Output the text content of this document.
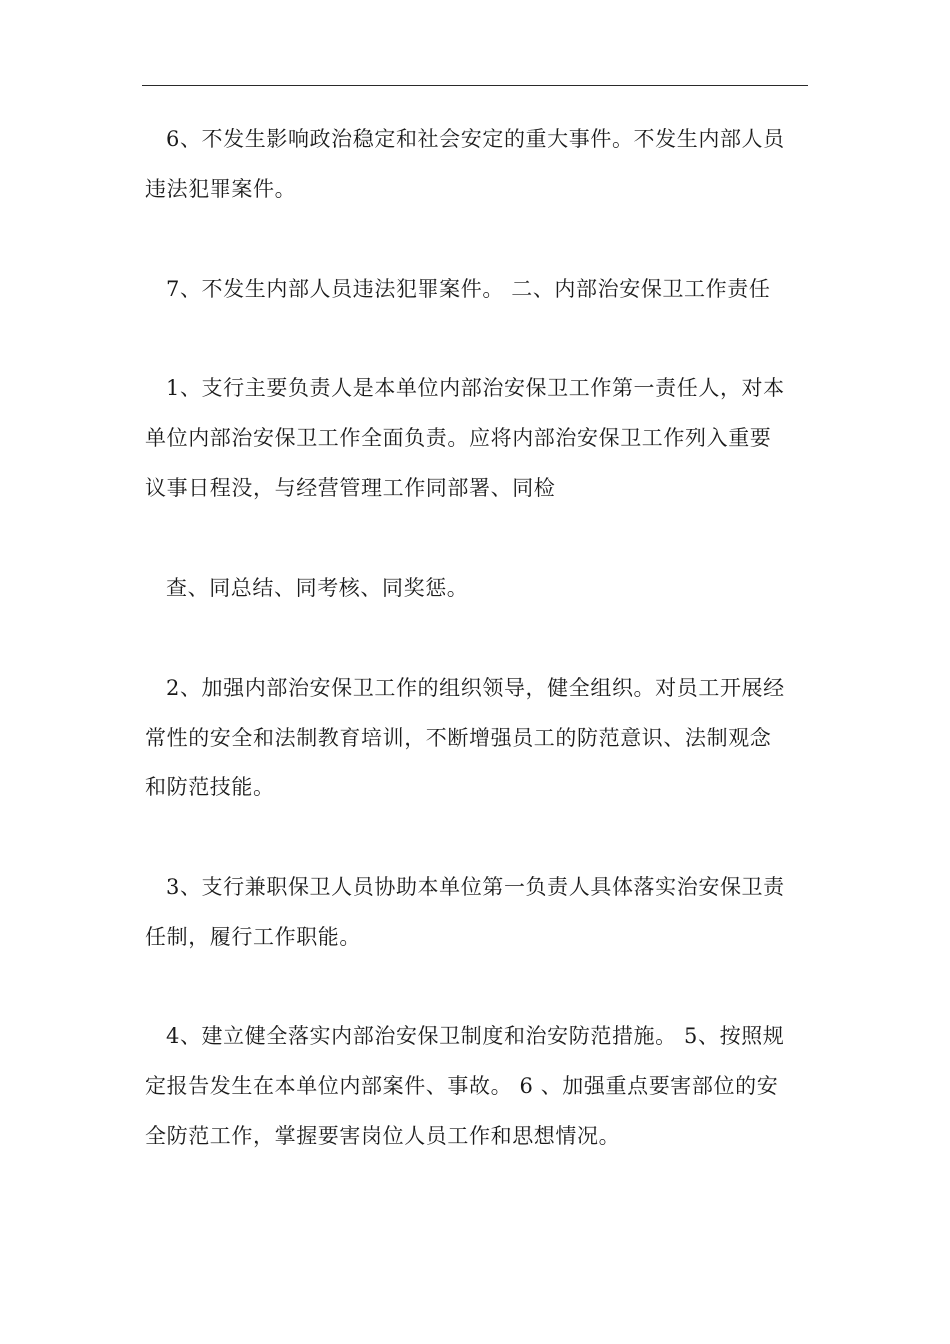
6、不发生影响政治稳定和社会安定的重大事件。不发生内部人员
违法犯罪案件。
7、不发生内部人员违法犯罪案件。 二、内部治安保卫工作责任
1、支行主要负责人是本单位内部治安保卫工作第一责任人，对本
单位内部治安保卫工作全面负责。应将内部治安保卫工作列入重要
议事日程没，与经营管理工作同部署、同检
查、同总结、同考核、同奖惩。
2、加强内部治安保卫工作的组织领导，健全组织。对员工开展经
常性的安全和法制教育培训，不断增强员工的防范意识、法制观念
和防范技能。
3、支行兼职保卫人员协助本单位第一负责人具体落实治安保卫责
任制，履行工作职能。
4、建立健全落实内部治安保卫制度和治安防范措施。 5、按照规
定报告发生在本单位内部案件、事故。 6 、加强重点要害部位的安
全防范工作，掌握要害岗位人员工作和思想情况。
